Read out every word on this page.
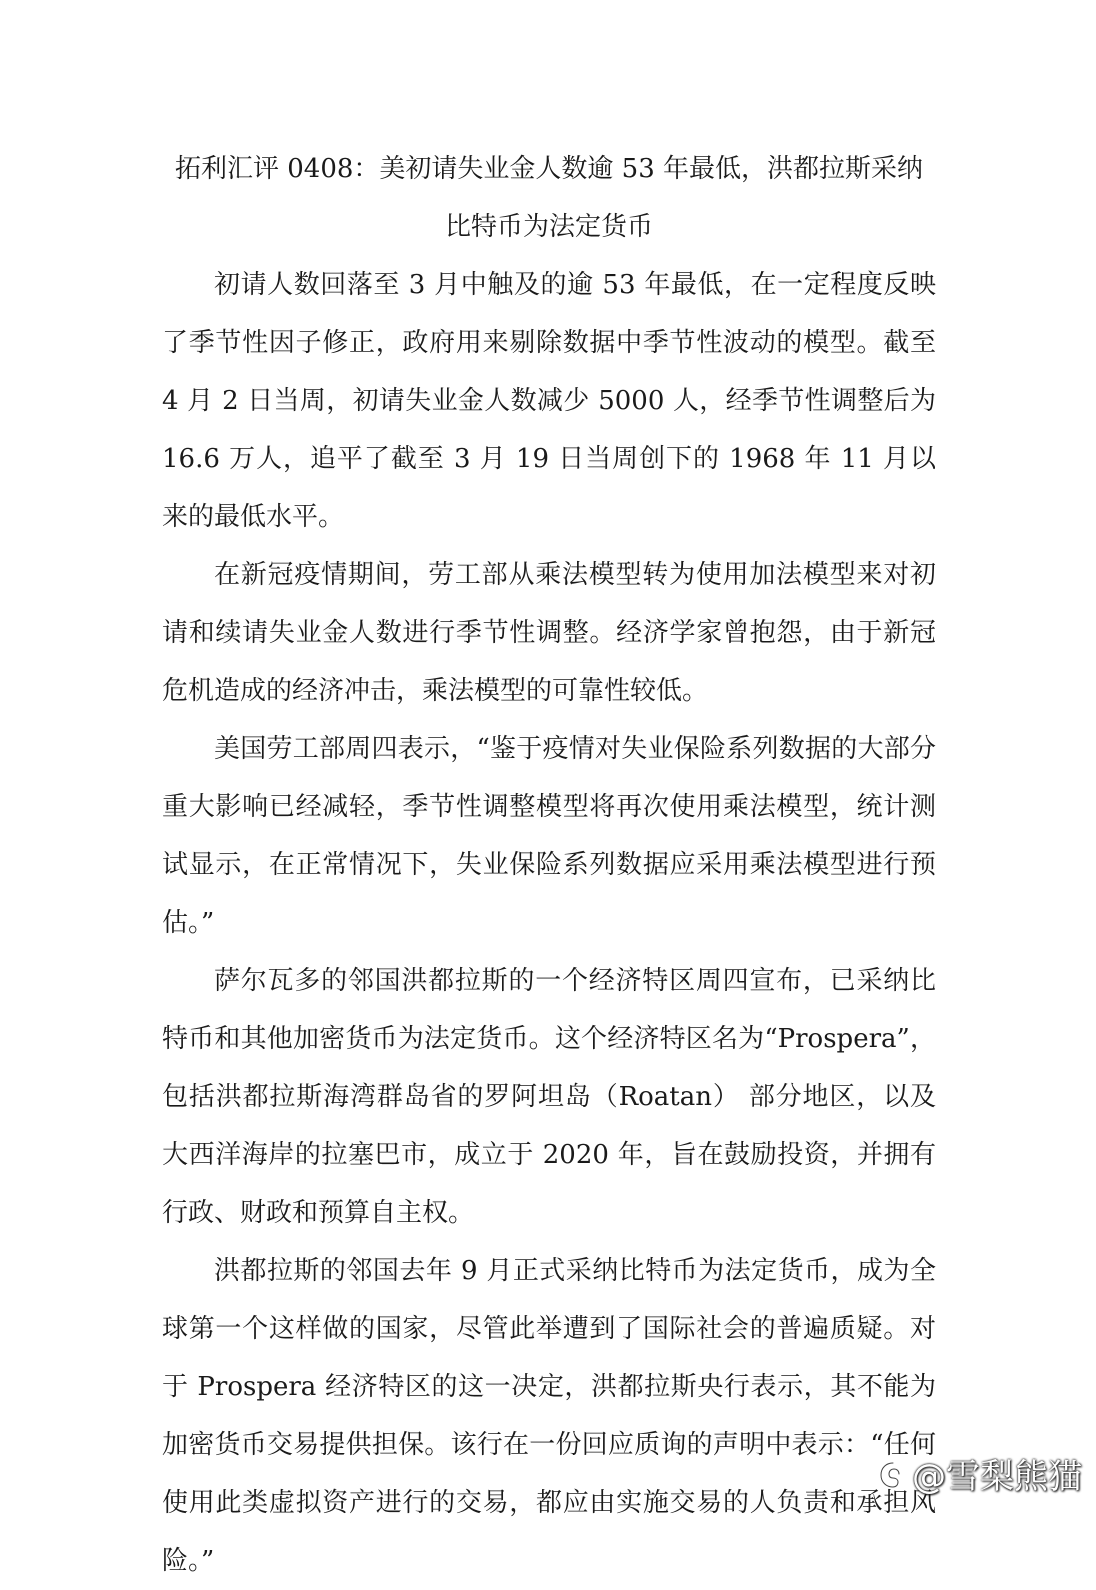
拓利汇评 0408：美初请失业金人数逾 53 年最低，洪都拉斯采纳比特币为法定货币

初请人数回落至 3 月中触及的逾 53 年最低，在一定程度反映了季节性因子修正，政府用来剔除数据中季节性波动的模型。截至 4 月 2 日当周，初请失业金人数减少 5000 人，经季节性调整后为 16.6 万人，追平了截至 3 月 19 日当周创下的 1968 年 11 月以来的最低水平。

在新冠疫情期间，劳工部从乘法模型转为使用加法模型来对初请和续请失业金人数进行季节性调整。经济学家曾抱怨，由于新冠危机造成的经济冲击，乘法模型的可靠性较低。

美国劳工部周四表示，“鉴于疫情对失业保险系列数据的大部分重大影响已经减轻，季节性调整模型将再次使用乘法模型，统计测试显示，在正常情况下，失业保险系列数据应采用乘法模型进行预估。”

萨尔瓦多的邻国洪都拉斯的一个经济特区周四宣布，已采纳比特币和其他加密货币为法定货币。这个经济特区名为“Prospera”，包括洪都拉斯海湾群岛省的罗阿坦岛（Roatan） 部分地区，以及大西洋海岸的拉塞巴市，成立于 2020 年，旨在鼓励投资，并拥有行政、财政和预算自主权。

洪都拉斯的邻国去年 9 月正式采纳比特币为法定货币，成为全球第一个这样做的国家，尽管此举遭到了国际社会的普遍质疑。对于 Prospera 经济特区的这一决定，洪都拉斯央行表示，其不能为加密货币交易提供担保。该行在一份回应质询的声明中表示：“任何使用此类虚拟资产进行的交易，都应由实施交易的人负责和承担风险。”

@雪梨熊猫
